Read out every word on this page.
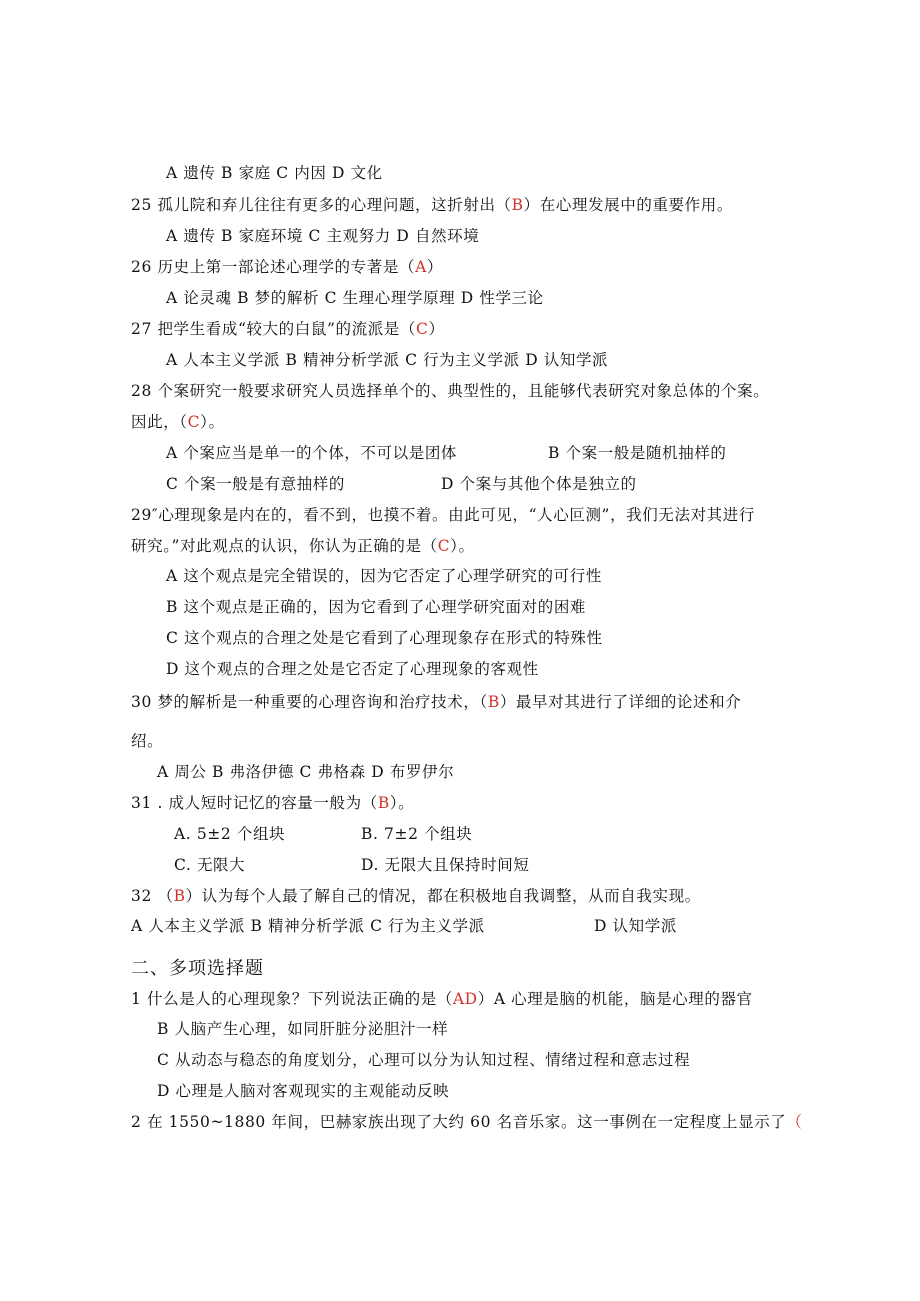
A 遗传 B 家庭 C 内因 D 文化
25 孤儿院和弃儿往往有更多的心理问题，这折射出（B）在心理发展中的重要作用。
A 遗传 B 家庭环境 C 主观努力 D 自然环境
26 历史上第一部论述心理学的专著是（A）
A 论灵魂 B 梦的解析 C 生理心理学原理 D 性学三论
27 把学生看成“较大的白鼠”的流派是（C）
A 人本主义学派 B 精神分析学派 C 行为主义学派 D 认知学派
28 个案研究一般要求研究人员选择单个的、典型性的，且能够代表研究对象总体的个案。
因此，（C）。
A 个案应当是单一的个体，不可以是团体	B 个案一般是随机抽样的
C 个案一般是有意抽样的	D 个案与其他个体是独立的
29″心理现象是内在的，看不到，也摸不着。由此可见，“人心叵测”，我们无法对其进行
研究。”对此观点的认识，你认为正确的是（C）。
A 这个观点是完全错误的，因为它否定了心理学研究的可行性
B 这个观点是正确的，因为它看到了心理学研究面对的困难
C 这个观点的合理之处是它看到了心理现象存在形式的特殊性
D 这个观点的合理之处是它否定了心理现象的客观性
30 梦的解析是一种重要的心理咨询和治疗技术，（B）最早对其进行了详细的论述和介
绍。
A 周公 B 弗洛伊德 C 弗格森 D 布罗伊尔
31 . 成人短时记忆的容量一般为（B）。
A. 5±2 个组块	B. 7±2 个组块
C. 无限大	D. 无限大且保持时间短
32 （B）认为每个人最了解自己的情况，都在积极地自我调整，从而自我实现。
A 人本主义学派 B 精神分析学派 C 行为主义学派	D 认知学派
二、多项选择题
1 什么是人的心理现象？下列说法正确的是（AD）A 心理是脑的机能，脑是心理的器官
B 人脑产生心理，如同肝脏分泌胆汁一样
C 从动态与稳态的角度划分，心理可以分为认知过程、情绪过程和意志过程
D 心理是人脑对客观现实的主观能动反映
2 在 1550~1880 年间，巴赫家族出现了大约 60 名音乐家。这一事例在一定程度上显示了（
